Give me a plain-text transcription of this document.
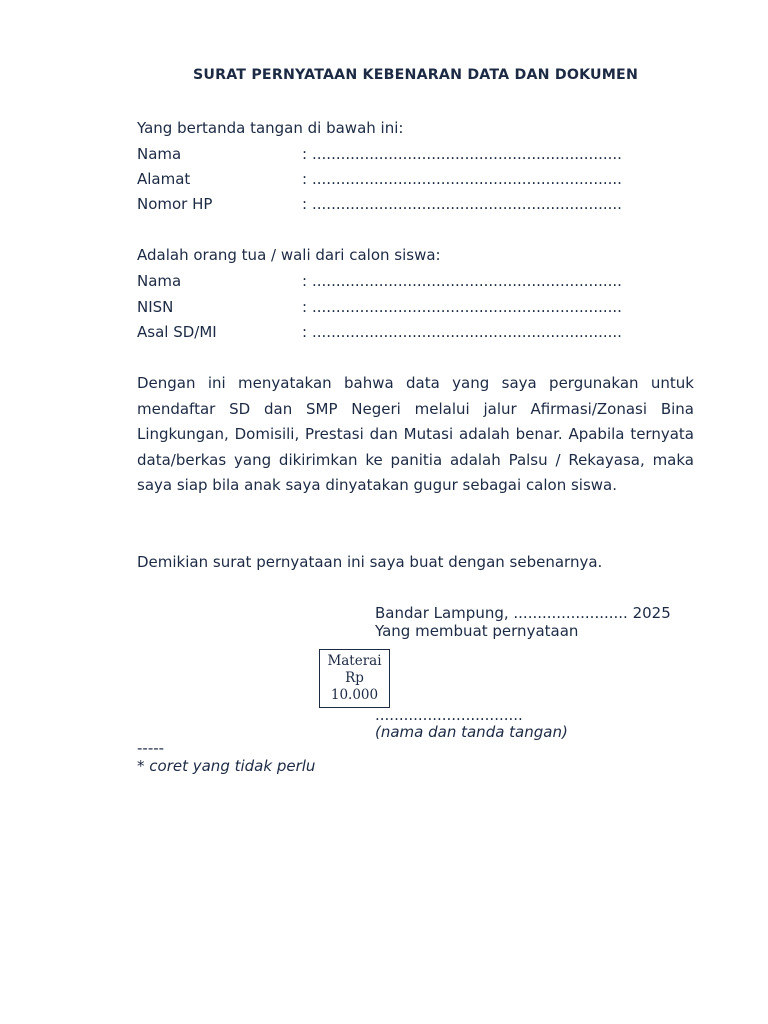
SURAT PERNYATAAN KEBENARAN DATA DAN DOKUMEN
Yang bertanda tangan di bawah ini:
Nama	: .................................................................
Alamat	: .................................................................
Nomor HP	: .................................................................
Adalah orang tua / wali dari calon siswa:
Nama	: .................................................................
NISN	: .................................................................
Asal SD/MI	: .................................................................

Dengan ini menyatakan bahwa data yang saya pergunakan untuk mendaftar SD dan SMP Negeri melalui jalur Afirmasi/Zonasi Bina Lingkungan, Domisili, Prestasi dan Mutasi adalah benar. Apabila ternyata data/berkas yang dikirimkan ke panitia adalah Palsu / Rekayasa, maka saya siap bila anak saya dinyatakan gugur sebagai calon siswa.

Demikian surat pernyataan ini saya buat dengan sebenarnya.
Bandar Lampung, ........................ 2025
Yang membuat pernyataan
Materai
Rp
10.000
...............................
(nama dan tanda tangan)
-----
* coret yang tidak perlu
